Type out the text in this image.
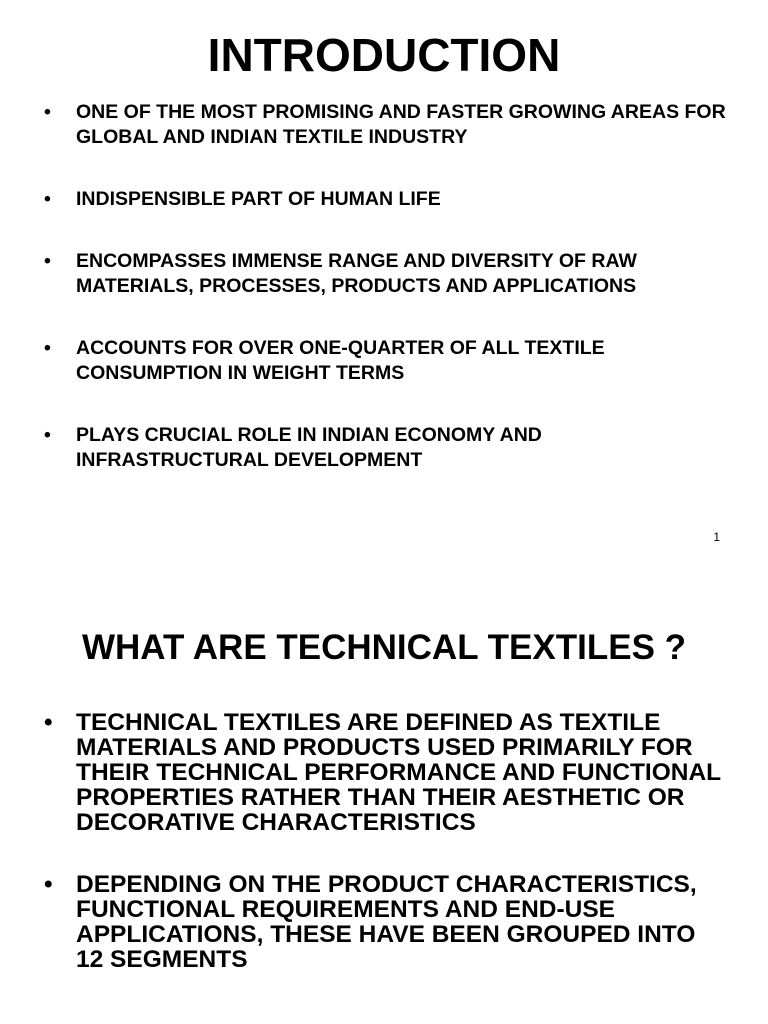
INTRODUCTION
• ONE OF THE MOST PROMISING AND FASTER GROWING AREAS FOR GLOBAL AND INDIAN TEXTILE INDUSTRY
• INDISPENSIBLE PART OF HUMAN LIFE
• ENCOMPASSES IMMENSE RANGE AND DIVERSITY OF RAW MATERIALS, PROCESSES, PRODUCTS AND APPLICATIONS
• ACCOUNTS FOR OVER ONE-QUARTER OF ALL TEXTILE CONSUMPTION IN WEIGHT TERMS
• PLAYS CRUCIAL ROLE IN INDIAN ECONOMY AND INFRASTRUCTURAL DEVELOPMENT
1
WHAT ARE TECHNICAL TEXTILES ?
• TECHNICAL TEXTILES ARE DEFINED AS TEXTILE MATERIALS AND PRODUCTS USED PRIMARILY FOR THEIR TECHNICAL PERFORMANCE AND FUNCTIONAL PROPERTIES RATHER THAN THEIR AESTHETIC OR DECORATIVE CHARACTERISTICS
• DEPENDING ON THE PRODUCT CHARACTERISTICS, FUNCTIONAL REQUIREMENTS AND END-USE APPLICATIONS, THESE HAVE BEEN GROUPED INTO 12 SEGMENTS
